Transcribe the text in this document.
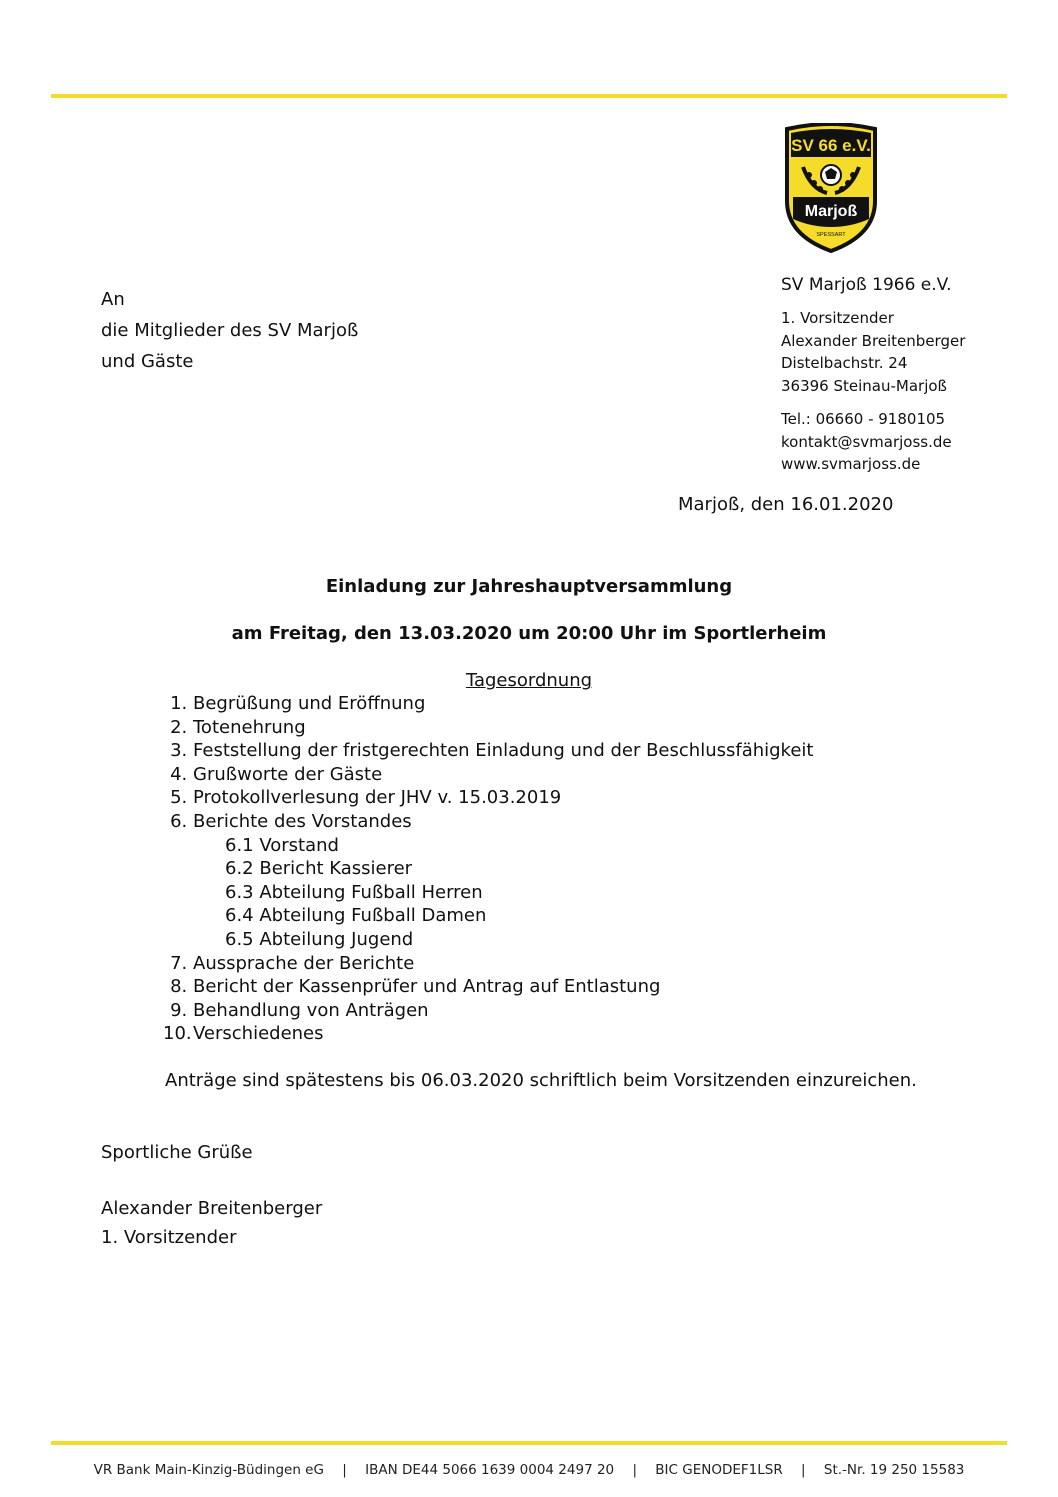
SV 66 e.V.
Marjoß
SPESSART
SV Marjoß 1966 e.V.
1. Vorsitzender
Alexander Breitenberger
Distelbachstr. 24
36396 Steinau-Marjoß
Tel.: 06660 - 9180105
kontakt@svmarjoss.de
www.svmarjoss.de
An
die Mitglieder des SV Marjoß
und Gäste
Marjoß, den 16.01.2020
Einladung zur Jahreshauptversammlung
am Freitag, den 13.03.2020 um 20:00 Uhr im Sportlerheim
Tagesordnung
1. Begrüßung und Eröffnung
2. Totenehrung
3. Feststellung der fristgerechten Einladung und der Beschlussfähigkeit
4. Grußworte der Gäste
5. Protokollverlesung der JHV v. 15.03.2019
6. Berichte des Vorstandes
6.1 Vorstand
6.2 Bericht Kassierer
6.3 Abteilung Fußball Herren
6.4 Abteilung Fußball Damen
6.5 Abteilung Jugend
7. Aussprache der Berichte
8. Bericht der Kassenprüfer und Antrag auf Entlastung
9. Behandlung von Anträgen
10.
Verschiedenes
Anträge sind spätestens bis 06.03.2020 schriftlich beim Vorsitzenden einzureichen.
Sportliche Grüße
Alexander Breitenberger
1. Vorsitzender
VR Bank Main-Kinzig-Büdingen eG | IBAN DE44 5066 1639 0004 2497 20 | BIC GENODEF1LSR | St.-Nr. 19 250 15583
